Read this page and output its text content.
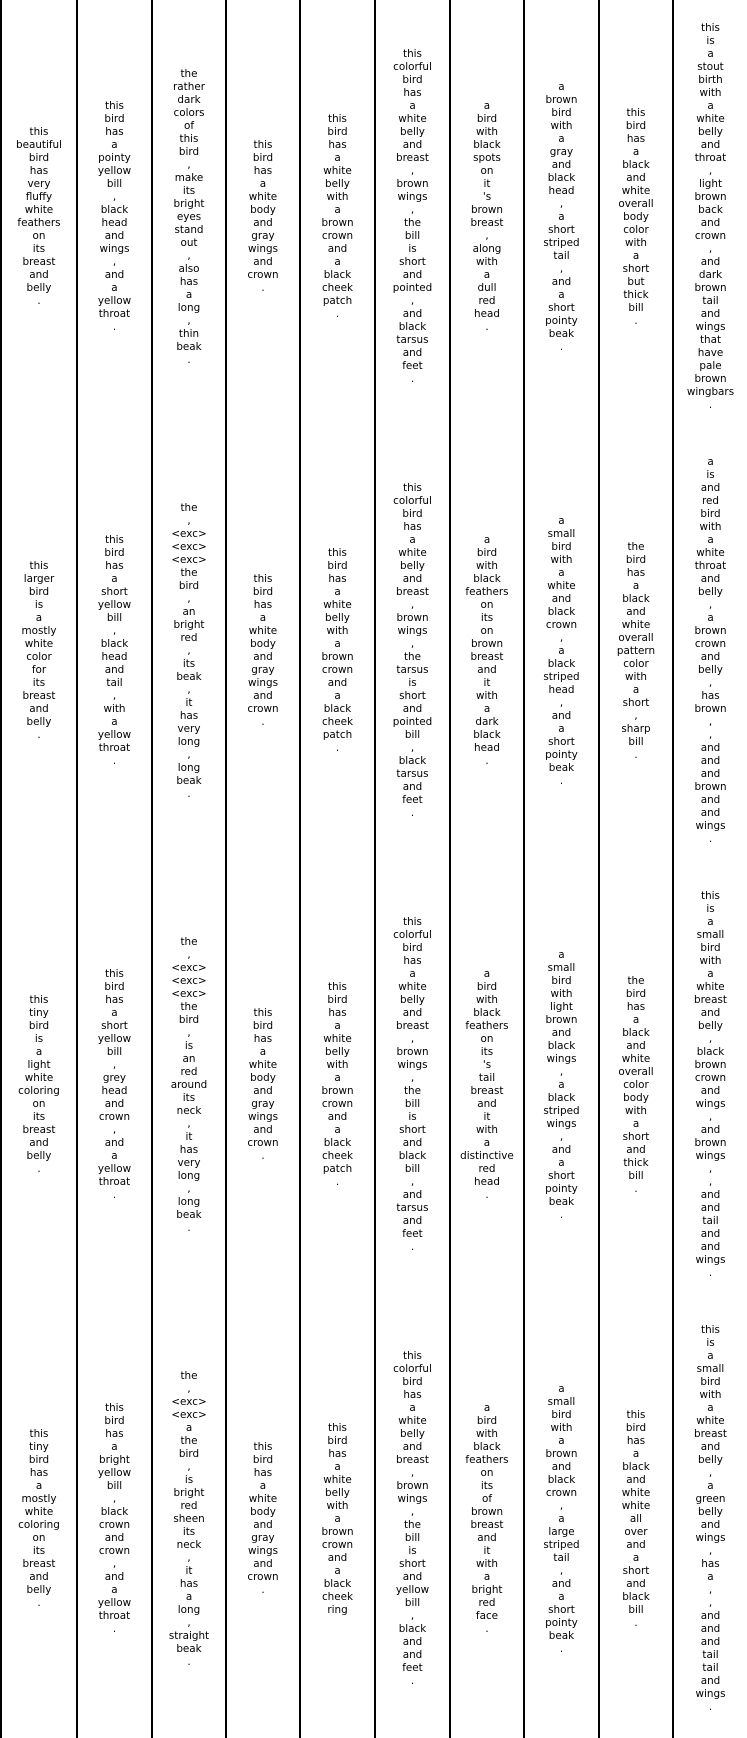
this
beautiful
bird
has
very
fluffy
white
feathers
on
its
breast
and
belly
.

this
larger
bird
is
a
mostly
white
color
for
its
breast
and
belly
.

this
tiny
bird
is
a
light
white
coloring
on
its
breast
and
belly
.

this
tiny
bird
has
a
mostly
white
coloring
on
its
breast
and
belly
.

this
bird
has
a
pointy
yellow
bill
,
black
head
and
wings
,
and
a
yellow
throat
.

this
bird
has
a
short
yellow
bill
,
black
head
and
tail
,
with
a
yellow
throat
.

this
bird
has
a
short
yellow
bill
,
grey
head
and
crown
,
and
a
yellow
throat
.

this
bird
has
a
bright
yellow
bill
,
black
crown
and
crown
,
and
a
yellow
throat
.

the
rather
dark
colors
of
this
bird
,
make
its
bright
eyes
stand
out
,
also
has
a
long
,
thin
beak
.

the
,
<exc>
<exc>
<exc>
the
bird
,
an
bright
red
,
its
beak
,
it
has
very
long
,
long
beak
.

the
,
<exc>
<exc>
<exc>
the
bird
,
is
an
red
around
its
neck
,
it
has
very
long
,
long
beak
.

the
,
<exc>
<exc>
a
the
bird
,
is
bright
red
sheen
its
neck
,
it
has
a
long
,
straight
beak
.

this
bird
has
a
white
body
and
gray
wings
and
crown
.

this
bird
has
a
white
body
and
gray
wings
and
crown
.

this
bird
has
a
white
body
and
gray
wings
and
crown
.

this
bird
has
a
white
body
and
gray
wings
and
crown
.

this
bird
has
a
white
belly
with
a
brown
crown
and
a
black
cheek
patch
.

this
bird
has
a
white
belly
with
a
brown
crown
and
a
black
cheek
patch
.

this
bird
has
a
white
belly
with
a
brown
crown
and
a
black
cheek
patch
.

this
bird
has
a
white
belly
with
a
brown
crown
and
a
black
cheek
ring

this
colorful
bird
has
a
white
belly
and
breast
,
brown
wings
,
the
bill
is
short
and
pointed
,
and
black
tarsus
and
feet
.

this
colorful
bird
has
a
white
belly
and
breast
,
brown
wings
,
the
tarsus
is
short
and
pointed
bill
,
black
tarsus
and
feet
.

this
colorful
bird
has
a
white
belly
and
breast
,
brown
wings
,
the
bill
is
short
and
black
bill
,
and
tarsus
and
feet
.

this
colorful
bird
has
a
white
belly
and
breast
,
brown
wings
,
the
bill
is
short
and
yellow
bill
,
black
and
and
feet
.

a
bird
with
black
spots
on
it
's
brown
breast
,
along
with
a
dull
red
head
.

a
bird
with
black
feathers
on
its
on
brown
breast
and
it
with
a
dark
black
head
.

a
bird
with
black
feathers
on
its
's
tail
breast
and
it
with
a
distinctive
red
head
.

a
bird
with
black
feathers
on
its
of
brown
breast
and
it
with
a
bright
red
face
.

a
brown
bird
with
a
gray
and
black
head
,
a
short
striped
tail
,
and
a
short
pointy
beak
.

a
small
bird
with
a
white
and
black
crown
,
a
black
striped
head
,
and
a
short
pointy
beak
.

a
small
bird
with
light
brown
and
black
wings
,
a
black
striped
wings
,
and
a
short
pointy
beak
.

a
small
bird
with
a
brown
and
black
crown
,
a
large
striped
tail
,
and
a
short
pointy
beak
.

this
bird
has
a
black
and
white
overall
body
color
with
a
short
but
thick
bill
.

the
bird
has
a
black
and
white
overall
pattern
color
with
a
short
,
sharp
bill
.

the
bird
has
a
black
and
white
overall
color
body
with
a
short
and
thick
bill
.

this
bird
has
a
black
and
white
white
all
over
and
a
short
and
black
bill
.

this
is
a
stout
birth
with
a
white
belly
and
throat
,
light
brown
back
and
crown
,
and
dark
brown
tail
and
wings
that
have
pale
brown
wingbars
.

a
is
and
red
bird
with
a
white
throat
and
belly
,
a
brown
crown
and
belly
,
has
brown
,
,
and
and
and
brown
and
and
wings
.

this
is
a
small
bird
with
a
white
breast
and
belly
,
black
brown
crown
and
wings
,
and
brown
wings
,
,
and
and
tail
and
and
wings
.

this
is
a
small
bird
with
a
white
breast
and
belly
,
a
green
belly
and
wings
,
has
a
,
,
and
and
and
tail
tail
and
wings
.
